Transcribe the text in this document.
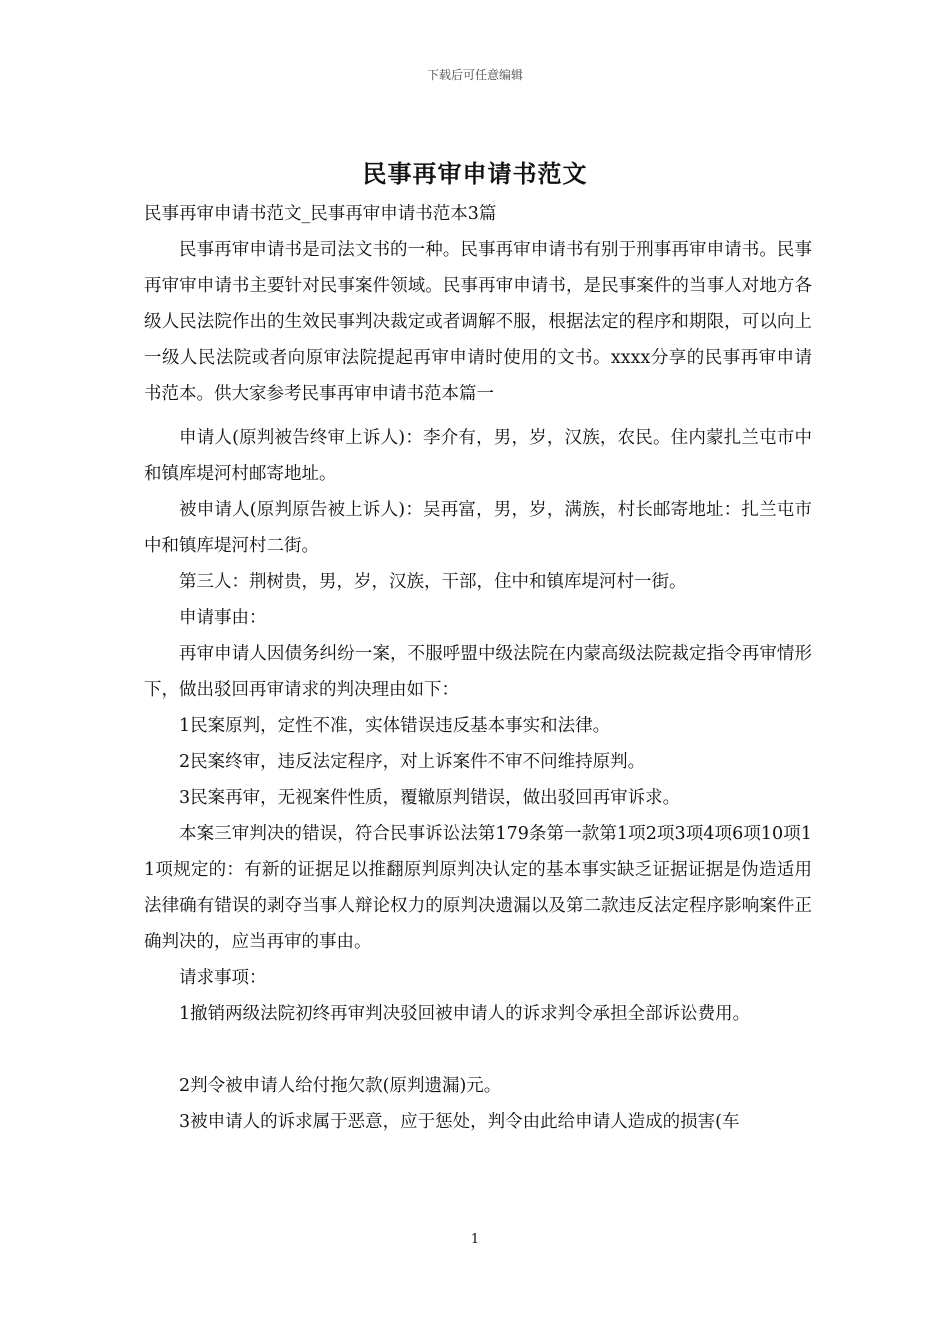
下载后可任意编辑
民事再审申请书范文

民事再审申请书范文_民事再审申请书范本3篇

民事再审申请书是司法文书的一种。民事再审申请书有别于刑事再审申请书。民事再审审申请书主要针对民事案件领域。民事再审申请书，是民事案件的当事人对地方各级人民法院作出的生效民事判决裁定或者调解不服，根据法定的程序和期限，可以向上一级人民法院或者向原审法院提起再审申请时使用的文书。xxxx分享的民事再审申请书范本。供大家参考民事再审申请书范本篇一

申请人(原判被告终审上诉人)：李介有，男，岁，汉族，农民。住内蒙扎兰屯市中和镇库堤河村邮寄地址。

被申请人(原判原告被上诉人)：吴再富，男，岁，满族，村长邮寄地址：扎兰屯市中和镇库堤河村二街。

第三人：荆树贵，男，岁，汉族，干部，住中和镇库堤河村一街。

申请事由：

再审申请人因债务纠纷一案，不服呼盟中级法院在内蒙高级法院裁定指令再审情形下，做出驳回再审请求的判决理由如下：

1民案原判，定性不准，实体错误违反基本事实和法律。

2民案终审，违反法定程序，对上诉案件不审不问维持原判。

3民案再审，无视案件性质，覆辙原判错误，做出驳回再审诉求。

本案三审判决的错误，符合民事诉讼法第179条第一款第1项2项3项4项6项10项11项规定的：有新的证据足以推翻原判原判决认定的基本事实缺乏证据证据是伪造适用法律确有错误的剥夺当事人辩论权力的原判决遗漏以及第二款违反法定程序影响案件正确判决的，应当再审的事由。

请求事项：

1撤销两级法院初终再审判决驳回被申请人的诉求判令承担全部诉讼费用。

2判令被申请人给付拖欠款(原判遗漏)元。

3被申请人的诉求属于恶意，应于惩处，判令由此给申请人造成的损害(车

1
